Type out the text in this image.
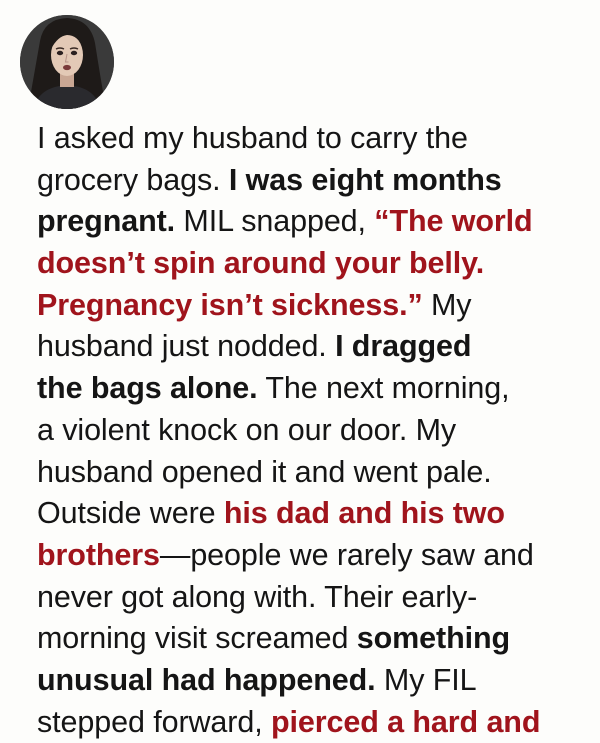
I asked my husband to carry the
grocery bags. I was eight months
pregnant. MIL snapped, “The world
doesn’t spin around your belly.
Pregnancy isn’t sickness.” My
husband just nodded. I dragged
the bags alone. The next morning,
a violent knock on our door. My
husband opened it and went pale.
Outside were his dad and his two
brothers—people we rarely saw and
never got along with. Their early-
morning visit screamed something
unusual had happened. My FIL
stepped forward, pierced a hard and
